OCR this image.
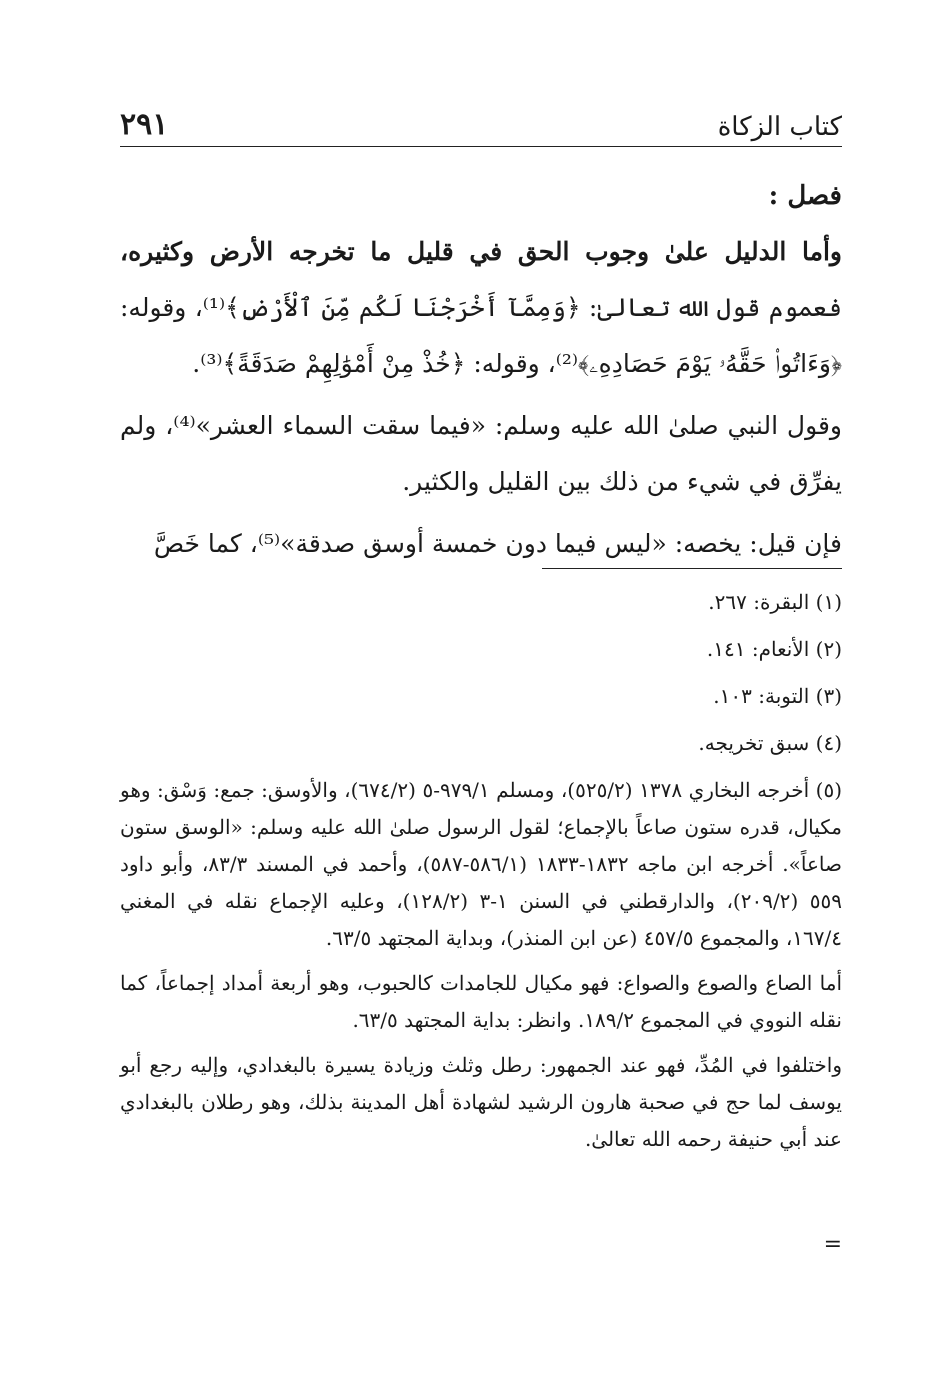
كتاب الزكاة
٢٩١

فصل :

وأما الدليل علىٰ وجوب الحق في قليل ما تخرجه الأرض وكثيره، فعموم قول الله تعالىٰ: ﴿وَمِمَّآ أَخْرَجْنَا لَكُم مِّنَ ٱلْأَرْضِ﴾⁽¹⁾، وقوله: ﴿وَءَاتُوا۟ حَقَّهُۥ يَوْمَ حَصَادِهِۦ﴾⁽²⁾، وقوله: ﴿خُذْ مِنْ أَمْوَٰلِهِمْ صَدَقَةً﴾⁽³⁾.

وقول النبي صلىٰ الله عليه وسلم: «فيما سقت السماء العشر»⁽⁴⁾، ولم يفرِّق في شيء من ذلك بين القليل والكثير.

فإن قيل: يخصه: «ليس فيما دون خمسة أوسق صدقة»⁽⁵⁾، كما خَصَّ

(١) البقرة: ٢٦٧.

(٢) الأنعام: ١٤١.

(٣) التوبة: ١٠٣.

(٤) سبق تخريجه.

(٥) أخرجه البخاري ١٣٧٨ (٥٢٥/٢)، ومسلم ٩٧٩/١-٥ (٦٧٤/٢)، والأوسق: جمع: وَسْق: وهو مكيال، قدره ستون صاعاً بالإجماع؛ لقول الرسول صلىٰ الله عليه وسلم: «الوسق ستون صاعاً». أخرجه ابن ماجه ١٨٣٢-١٨٣٣ (٥٨٦/١-٥٨٧)، وأحمد في المسند ٨٣/٣، وأبو داود ٥٥٩ (٢٠٩/٢)، والدارقطني في السنن ١-٣ (١٢٨/٢)، وعليه الإجماع نقله في المغني ١٦٧/٤، والمجموع ٤٥٧/٥ (عن ابن المنذر)، وبداية المجتهد ٦٣/٥.

أما الصاع والصوع والصواع: فهو مكيال للجامدات كالحبوب، وهو أربعة أمداد إجماعاً، كما نقله النووي في المجموع ١٨٩/٢. وانظر: بداية المجتهد ٦٣/٥.

واختلفوا في المُدِّ، فهو عند الجمهور: رطل وثلث وزيادة يسيرة بالبغدادي، وإليه رجع أبو يوسف لما حج في صحبة هارون الرشيد لشهادة أهل المدينة بذلك، وهو رطلان بالبغدادي عند أبي حنيفة رحمه الله تعالىٰ.

=
